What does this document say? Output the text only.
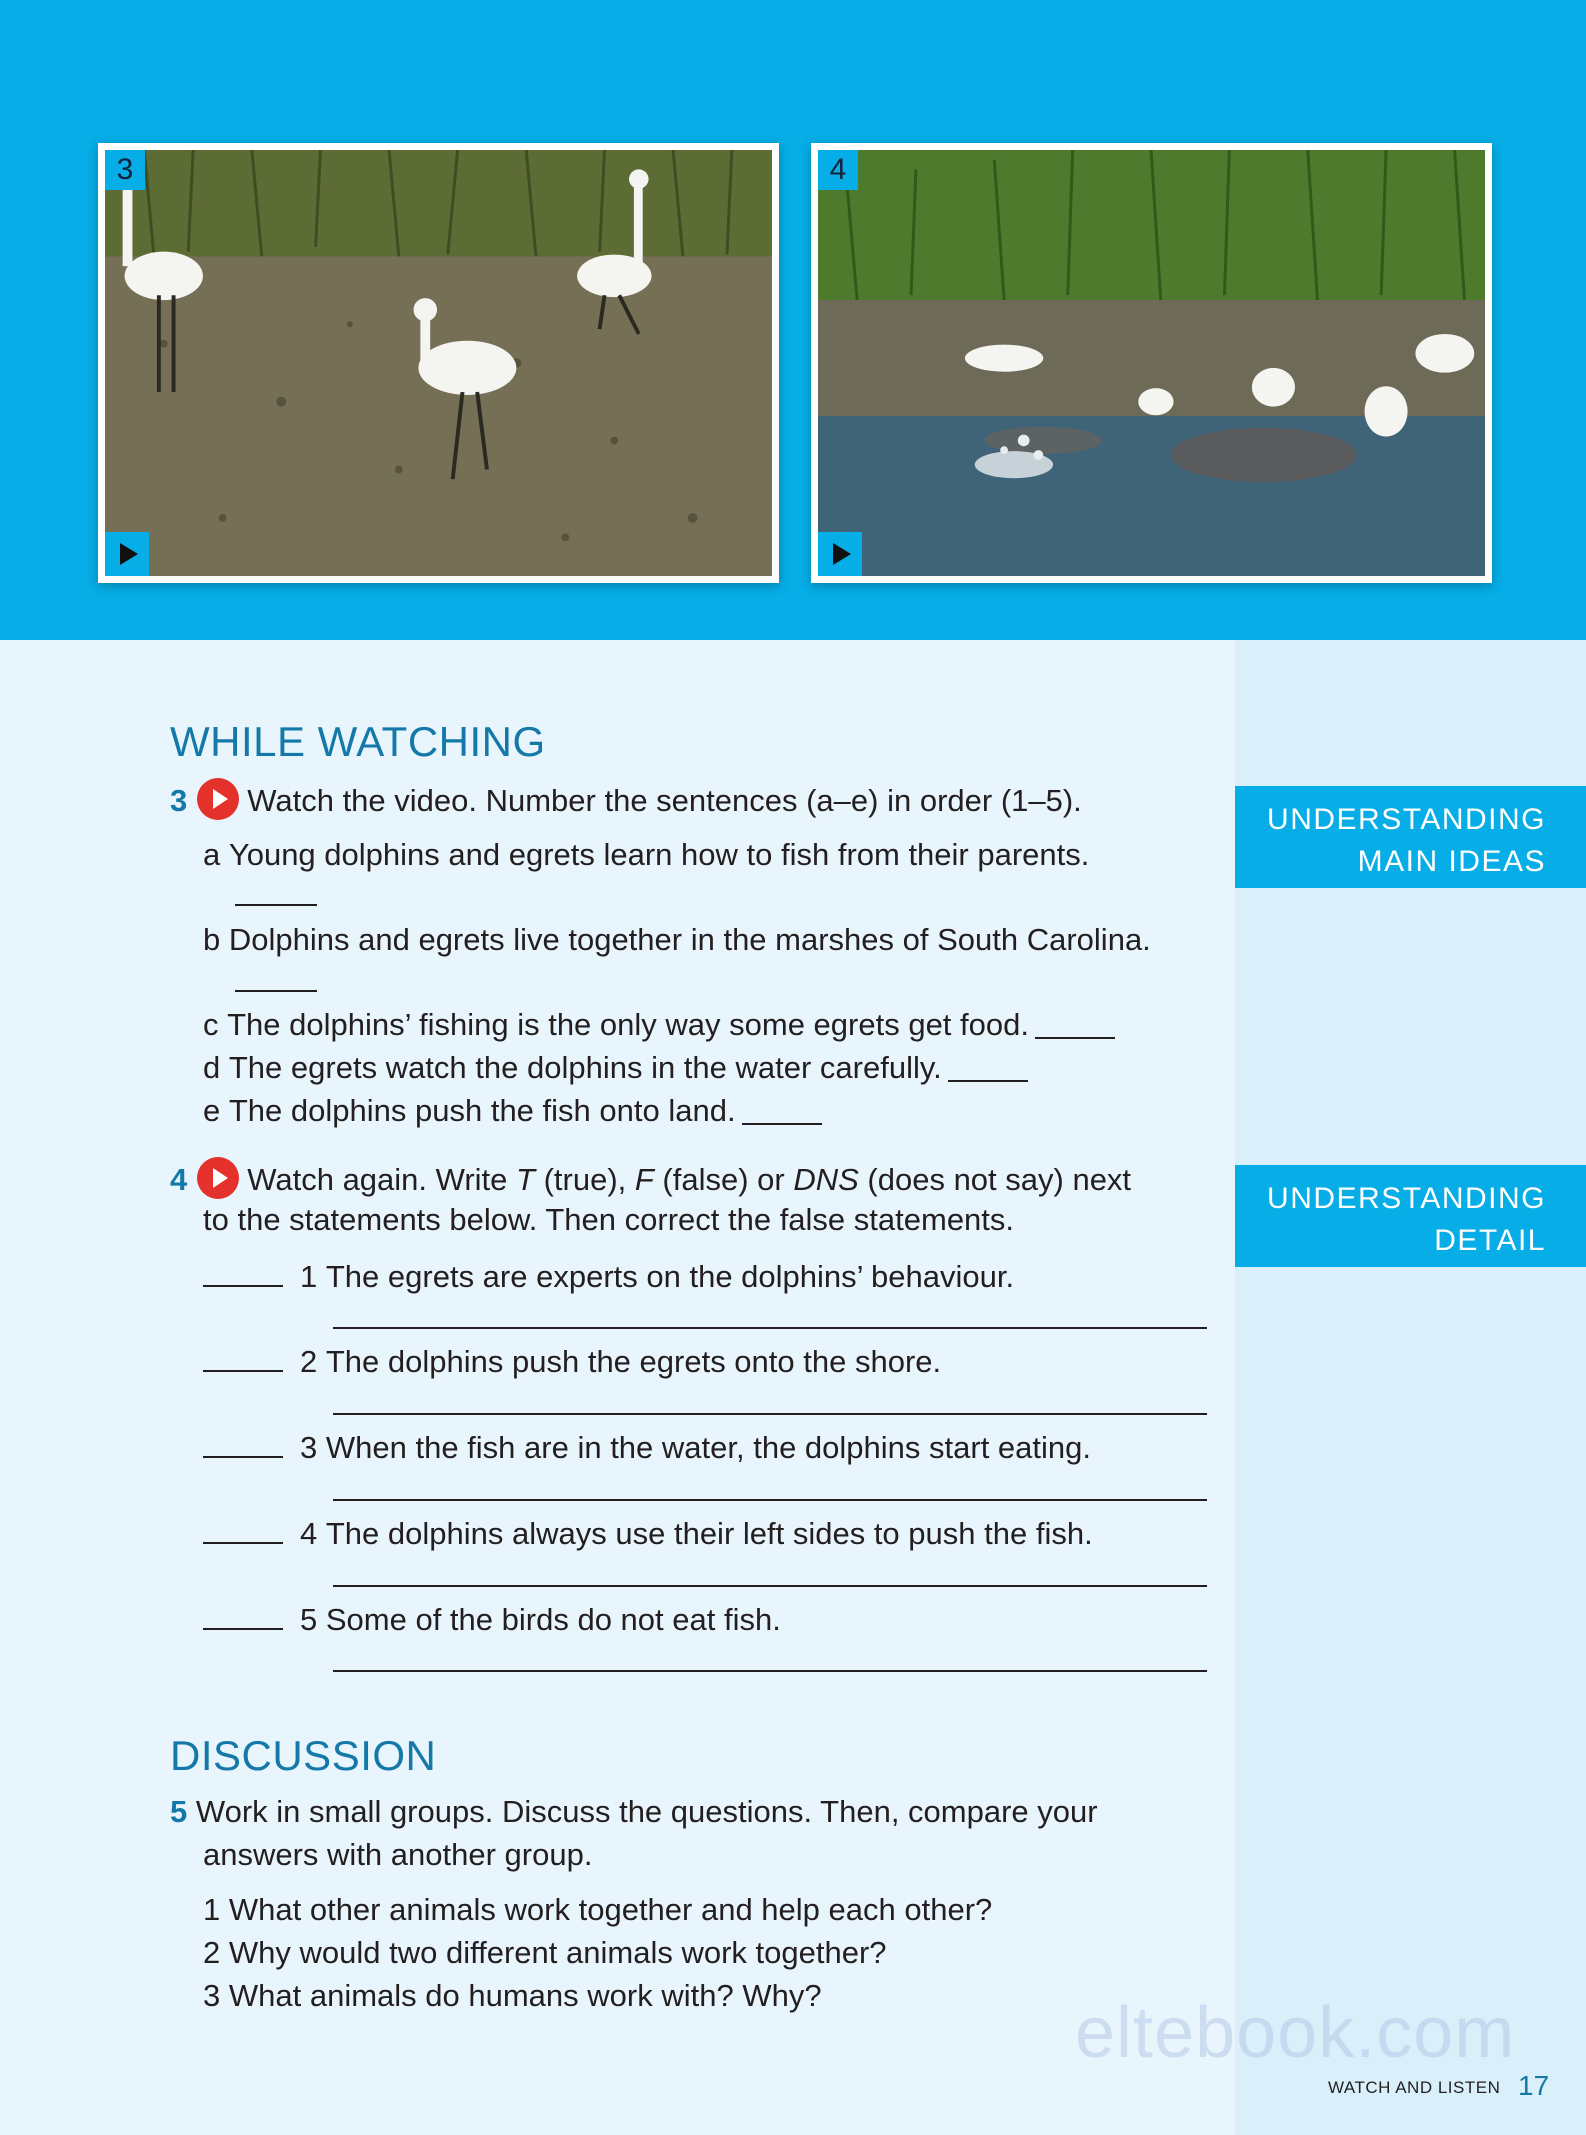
3	4
WHILE WATCHING
UNDERSTANDING
MAIN IDEAS
3 Watch the video. Number the sentences (a–e) in order (1–5).
a Young dolphins and egrets learn how to fish from their parents.
b Dolphins and egrets live together in the marshes of South Carolina.
c The dolphins’ fishing is the only way some egrets get food.
d The egrets watch the dolphins in the water carefully.
e The dolphins push the fish onto land.
UNDERSTANDING
DETAIL
4 Watch again. Write T (true), F (false) or DNS (does not say) next
to the statements below. Then correct the false statements.
1 The egrets are experts on the dolphins’ behaviour.
2 The dolphins push the egrets onto the shore.
3 When the fish are in the water, the dolphins start eating.
4 The dolphins always use their left sides to push the fish.
5 Some of the birds do not eat fish.
DISCUSSION
5 Work in small groups. Discuss the questions. Then, compare your
answers with another group.
1 What other animals work together and help each other?
2 Why would two different animals work together?
3 What animals do humans work with? Why?	eltebook.com
WATCH AND LISTEN 17
